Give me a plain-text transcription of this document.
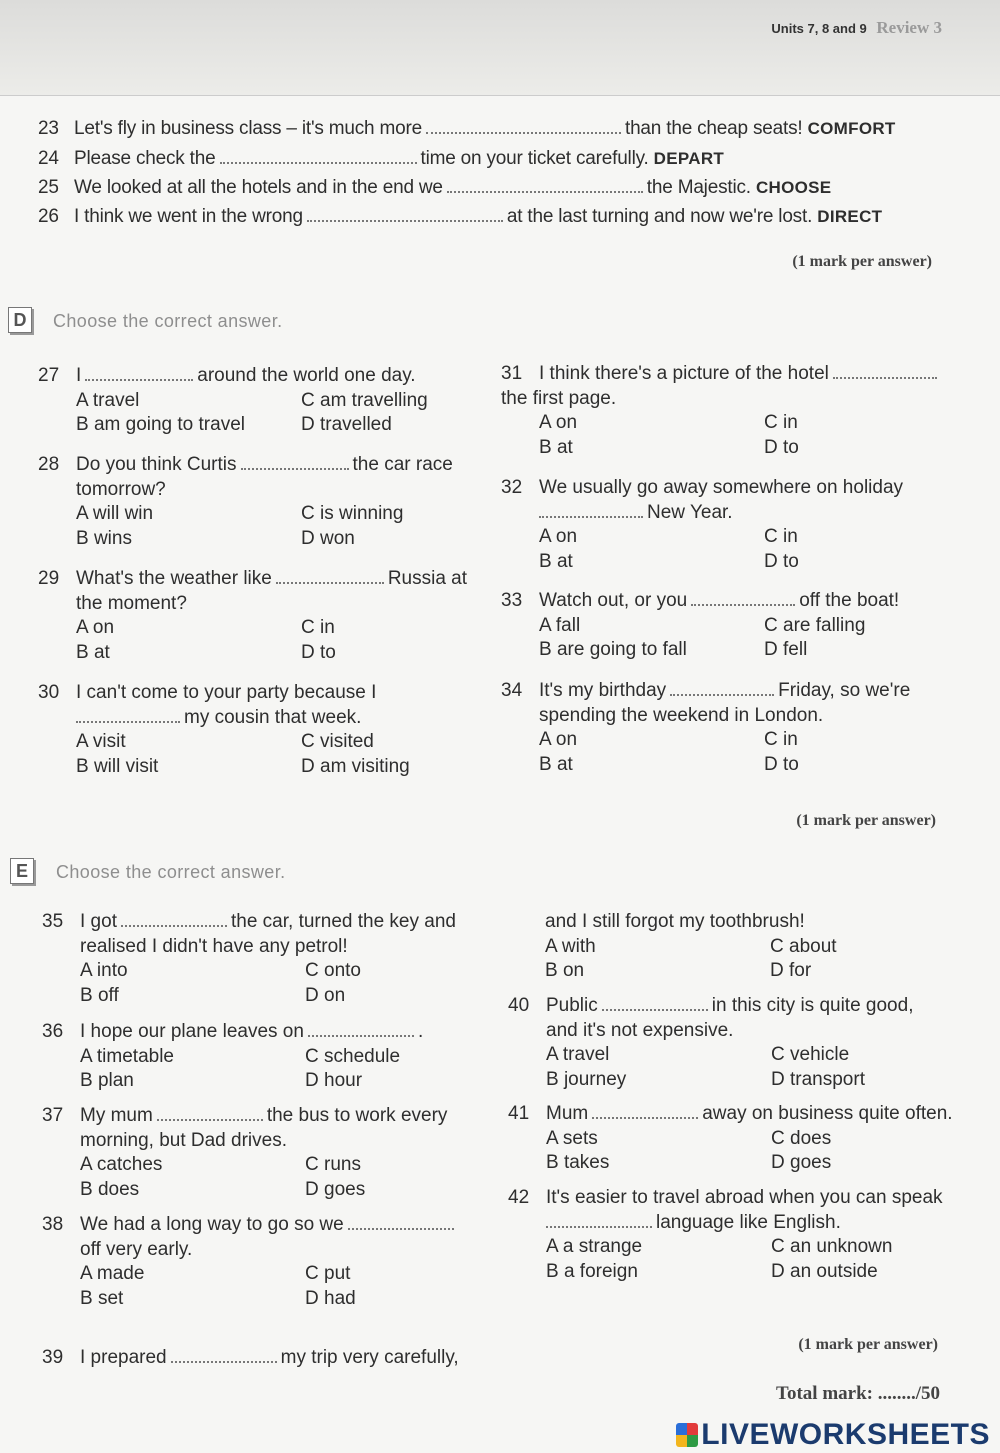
Units 7, 8 and 9 Review 3
23 Let's fly in business class – it's much more	than the cheap seats! COMFORT
24 Please check the	time on your ticket carefully. DEPART
25 We looked at all the hotels and in the end we	the Majestic. CHOOSE
26 I think we went in the wrong	at the last turning and now we're lost. DIRECT
(1 mark per answer)
D	Choose the correct answer.
27 I	around the world one day.
A travel	C am travelling
B am going to travel	D travelled
28 Do you think Curtis	the car race
tomorrow?
A will win	C is winning
B wins	D won
29 What's the weather like	Russia at
the moment?
A on	C in
B at	D to
30 I can't come to your party because I
my cousin that week.
A visit	C visited
B will visit	D am visiting
31 I think there's a picture of the hotel
the first page.
A on	C in
B at	D to
32 We usually go away somewhere on holiday
New Year.
A on	C in
B at	D to
33 Watch out, or you	off the boat!
A fall	C are falling
B are going to fall	D fell
34 It's my birthday	Friday, so we're
spending the weekend in London.
A on	C in
B at	D to
(1 mark per answer)
E	Choose the correct answer.
35 I got	the car, turned the key and
realised I didn't have any petrol!
A into	C onto
B off	D on
36 I hope our plane leaves on	.
A timetable	C schedule
B plan	D hour
37 My mum	the bus to work every
morning, but Dad drives.
A catches	C runs
B does	D goes
38 We had a long way to go so we
off very early.
A made	C put
B set	D had
39 I prepared	my trip very carefully,
and I still forgot my toothbrush!
A with	C about
B on	D for
40 Public	in this city is quite good,
and it's not expensive.
A travel	C vehicle
B journey	D transport
41 Mum	away on business quite often.
A sets	C does
B takes	D goes
42 It's easier to travel abroad when you can speak
language like English.
A a strange	C an unknown
B a foreign	D an outside
(1 mark per answer)
Total mark: ......../50
LIVEWORKSHEETS
